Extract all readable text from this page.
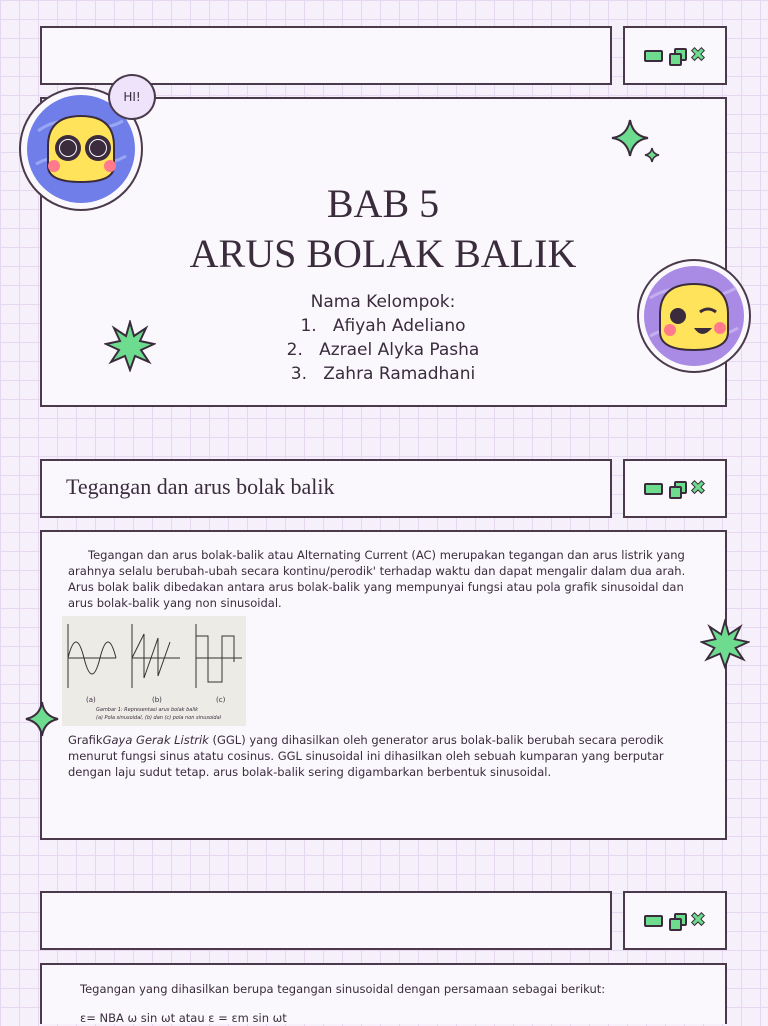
✖
BAB 5
ARUS BOLAK BALIK
Nama Kelompok:
1.   Afiyah Adeliano
2.   Azrael Alyka Pasha
3.   Zahra Ramadhani
HI!
Tegangan dan arus bolak balik	✖
Tegangan dan arus bolak-balik atau Alternating Current (AC) merupakan tegangan dan arus listrik yang arahnya selalu berubah-ubah secara kontinu/perodik' terhadap waktu dan dapat mengalir dalam dua arah. Arus bolak balik dibedakan antara arus bolak-balik yang mempunyai fungsi atau pola grafik sinusoidal dan arus bolak-balik yang non sinusoidal.
(a)	(b)	(c)
Gambar 1: Representasi arus bolak balik
(a) Pola sinusoidal, (b) dan (c) pola non sinusoidal
GrafikGaya Gerak Listrik (GGL) yang dihasilkan oleh generator arus bolak-balik berubah secara perodik menurut fungsi sinus atatu cosinus. GGL sinusoidal ini dihasilkan oleh sebuah kumparan yang berputar dengan laju sudut tetap. arus bolak-balik sering digambarkan berbentuk sinusoidal.
✖
Tegangan yang dihasilkan berupa tegangan sinusoidal dengan persamaan sebagai berikut:
ε= NBA ω sin ωt atau ε = εm sin ωt
